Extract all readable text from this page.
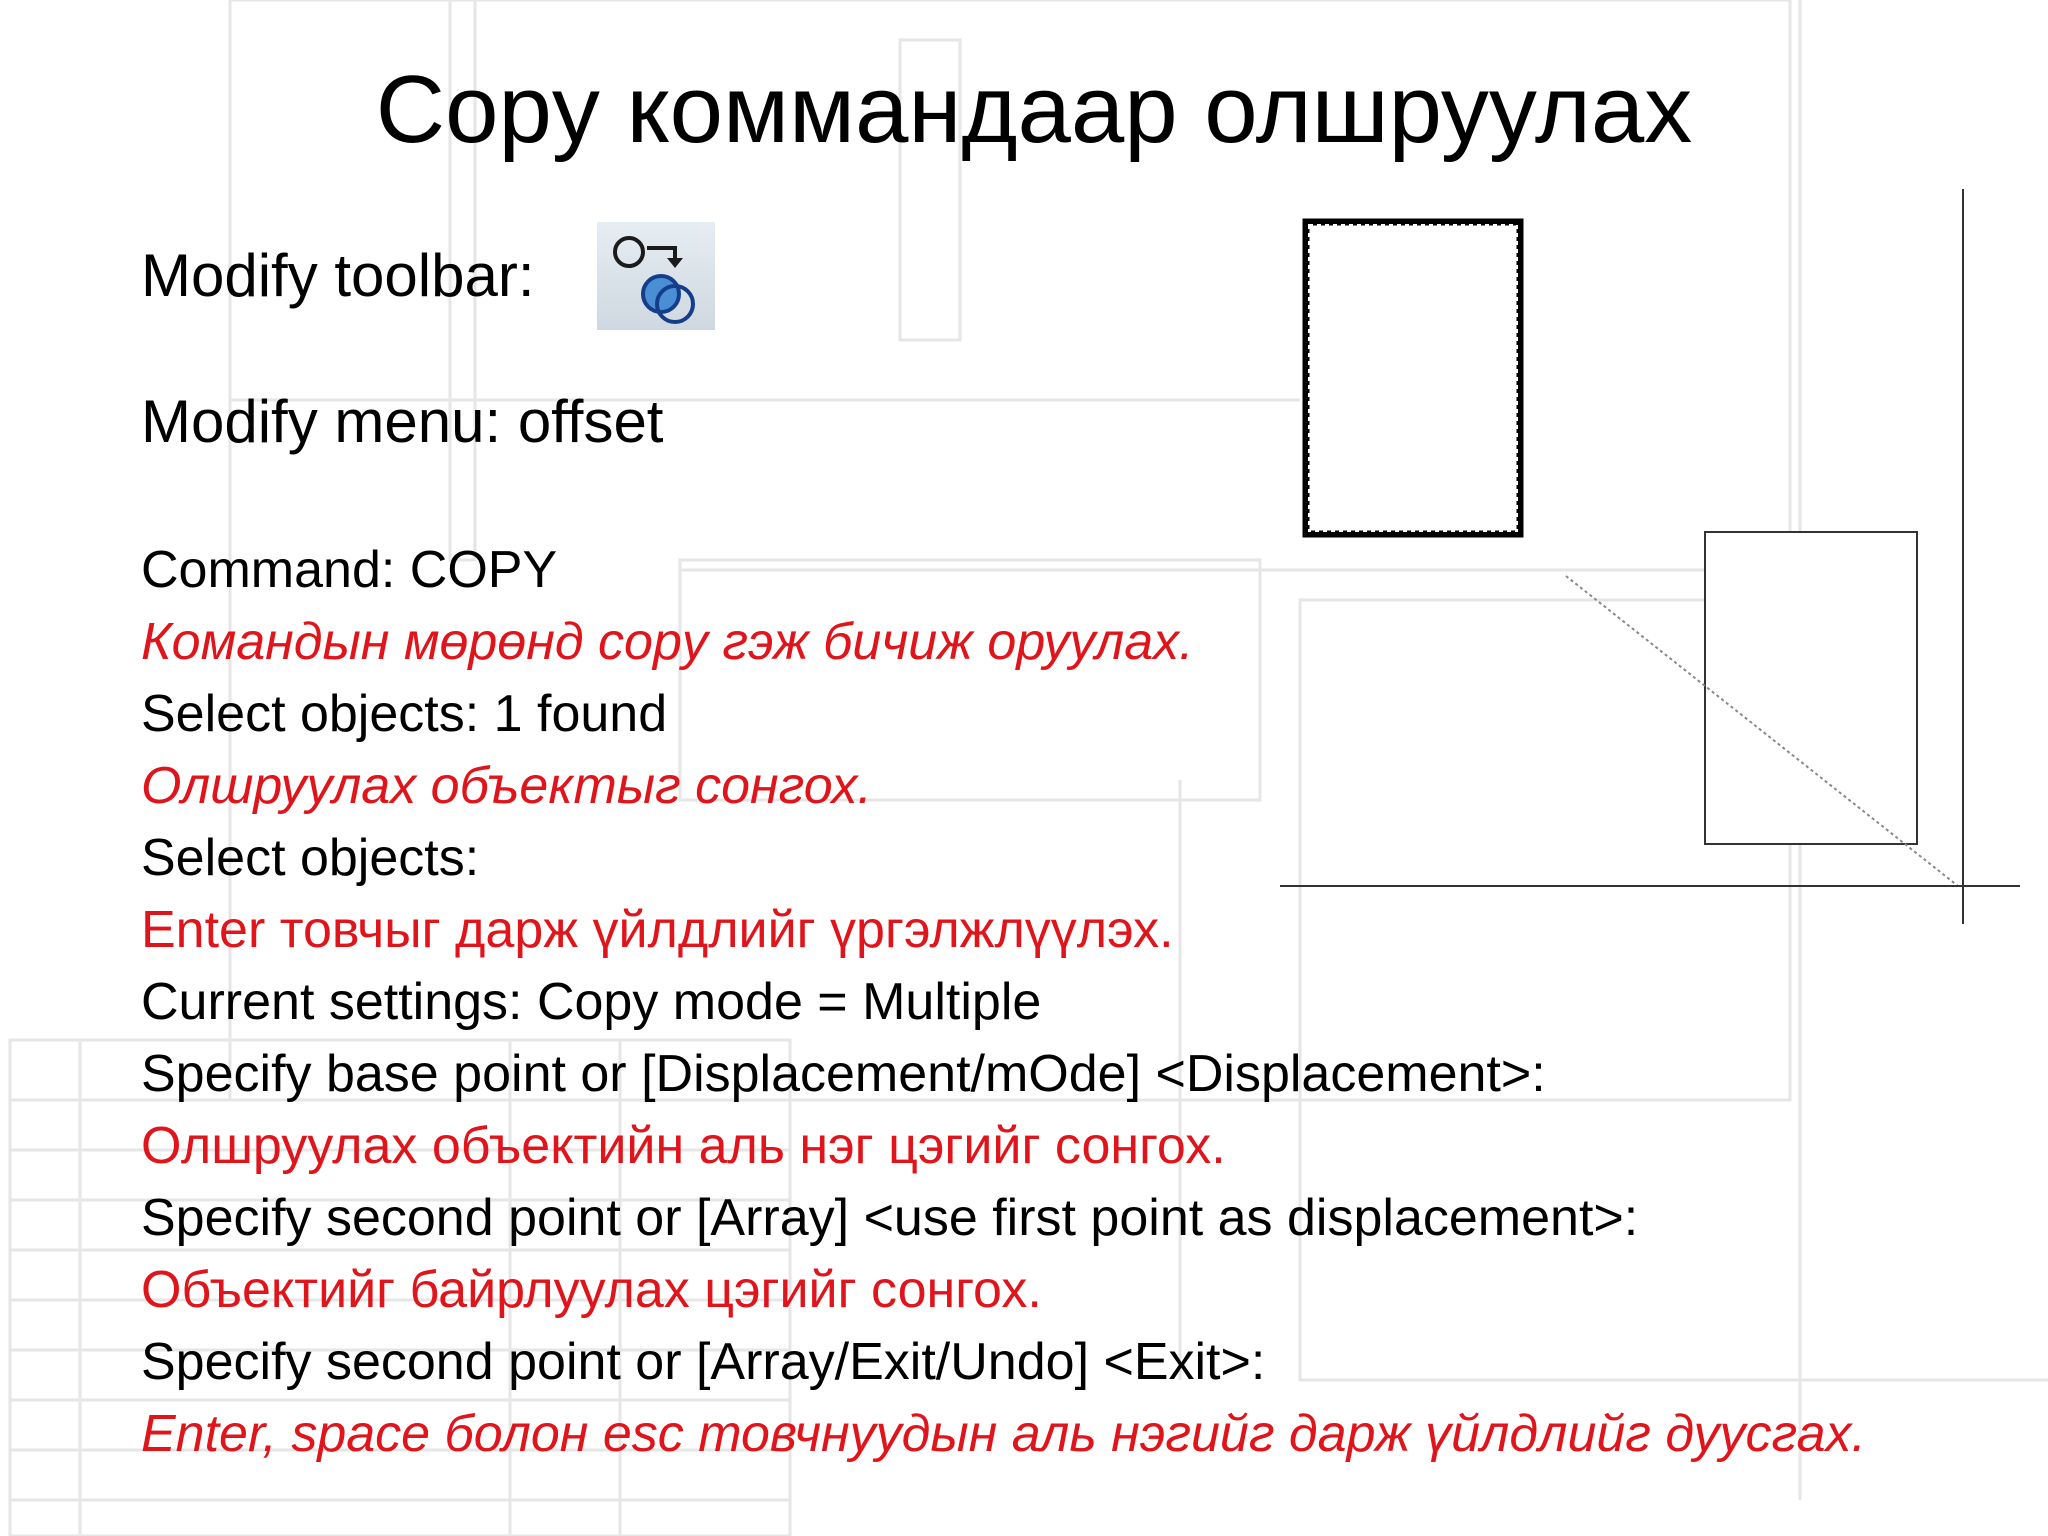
Copy коммандаар олшруулах
Modify toolbar:
Modify menu: offset
Command: COPY
Командын мөрөнд copy гэж бичиж оруулах.
Select objects: 1 found
Олшруулах объектыг сонгох.
Select objects:
Enter товчыг дарж үйлдлийг үргэлжлүүлэх.
Current settings: Copy mode = Multiple
Specify base point or [Displacement/mOde] <Displacement>:
Олшруулах объектийн аль нэг цэгийг сонгох.
Specify second point or [Array] <use first point as displacement>:
Объектийг байрлуулах цэгийг сонгох.
Specify second point or [Array/Exit/Undo] <Exit>:
Enter, space болон esc товчнуудын аль нэгийг дарж үйлдлийг дуусгах.
